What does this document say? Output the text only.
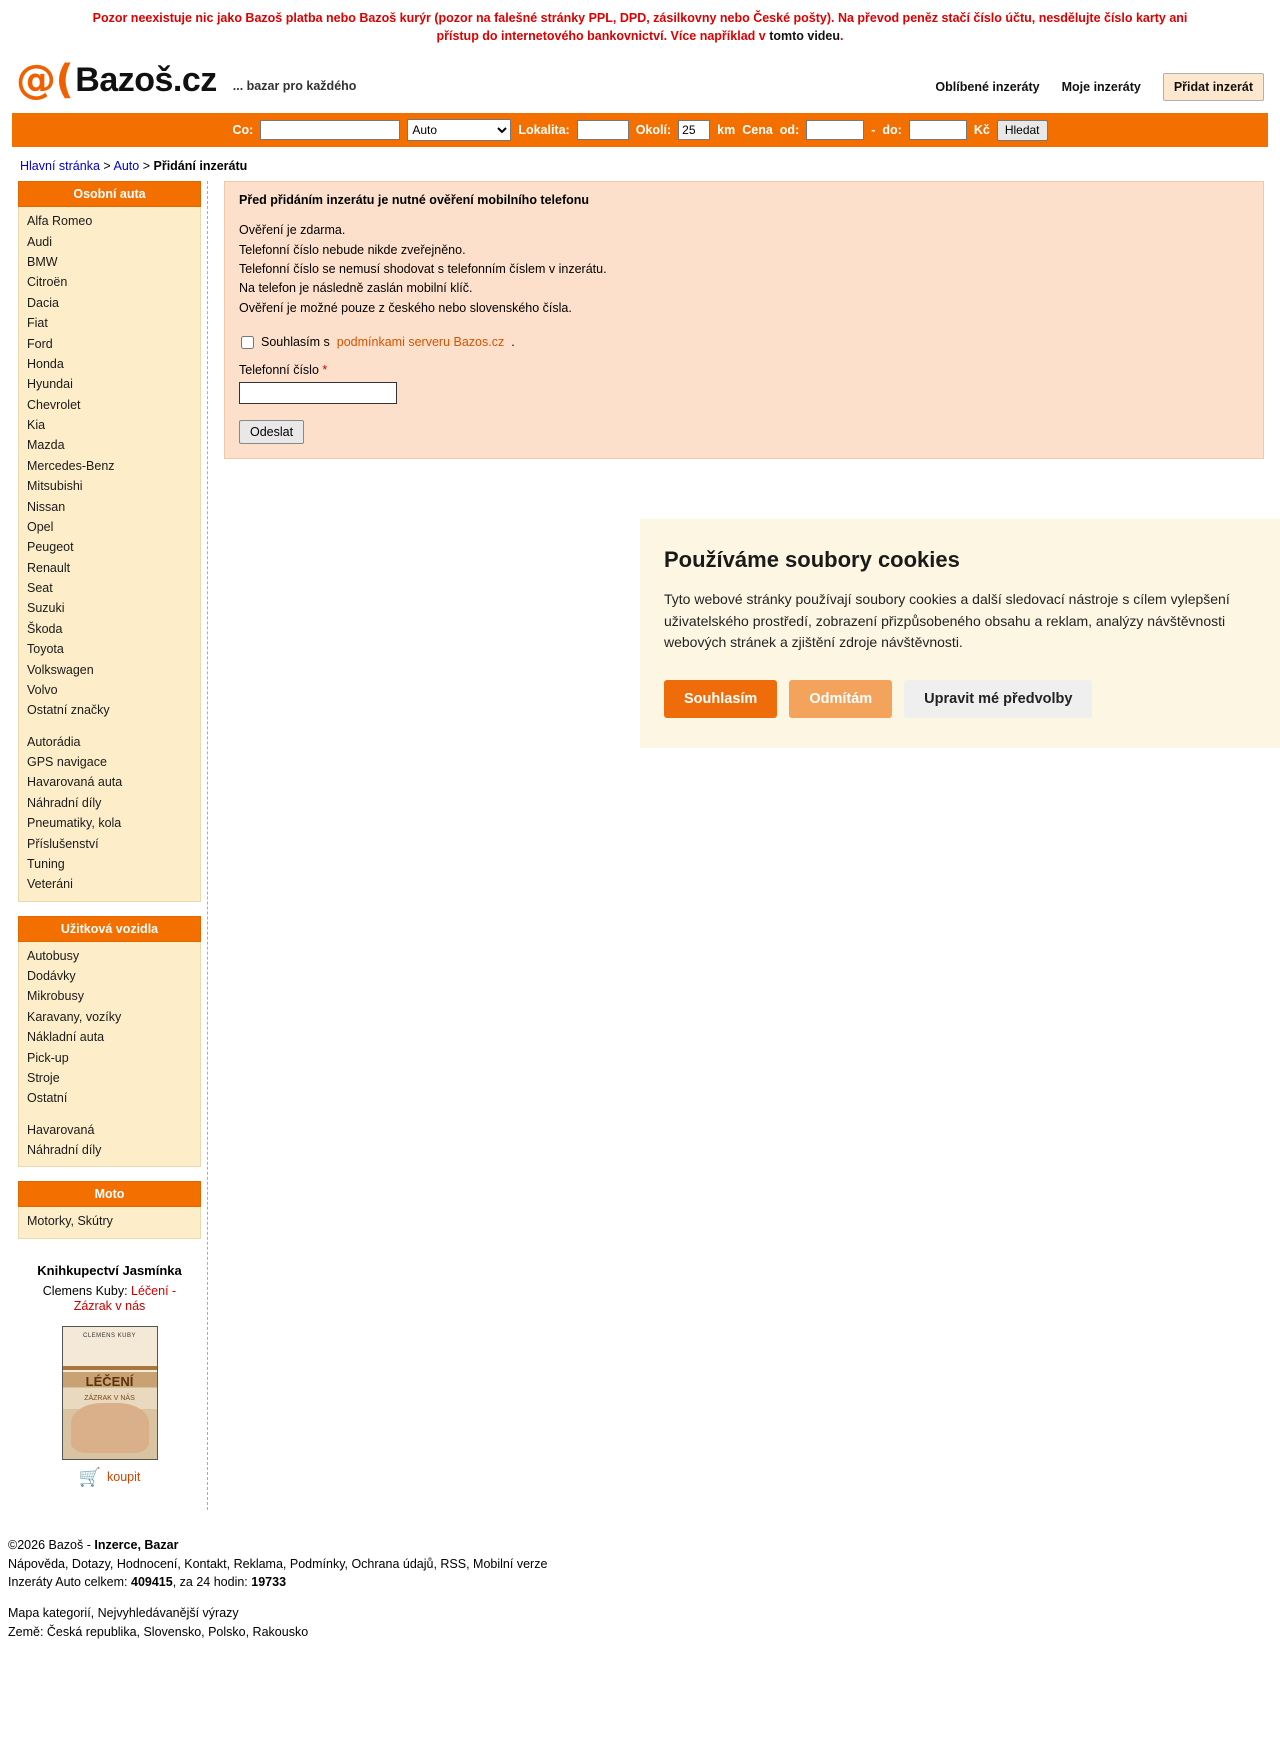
Pozor neexistuje nic jako Bazoš platba nebo Bazoš kurýr (pozor na falešné stránky PPL, DPD, zásilkovny nebo České pošty). Na převod peněz stačí číslo účtu, nesdělujte číslo karty ani přístup do internetového bankovnictví. Více například v tomto videu.
@( Bazoš.cz ... bazar pro každého	Oblíbené inzeráty Moje inzeráty	Přidat inzerát
Co:
Auto	Lokalita:	Okolí:
25	km Cena od:	- do:	Kč	Hledat
Hlavní stránka > Auto > Přidání inzerátu
Osobní auta
Alfa Romeo
Audi
BMW
Citroën
Dacia
Fiat
Ford
Honda
Hyundai
Chevrolet
Kia
Mazda
Mercedes-Benz
Mitsubishi
Nissan
Opel
Peugeot
Renault
Seat
Suzuki
Škoda
Toyota
Volkswagen
Volvo
Ostatní značky
Autorádia
GPS navigace
Havarovaná auta
Náhradní díly
Pneumatiky, kola
Příslušenství
Tuning
Veteráni
Užitková vozidla
Autobusy
Dodávky
Mikrobusy
Karavany, vozíky
Nákladní auta
Pick-up
Stroje
Ostatní
Havarovaná
Náhradní díly
Moto
Motorky, Skútry
Knihkupectví Jasmínka
Clemens Kuby: Léčení - Zázrak v nás
CLEMENS KUBY
LÉČENÍ
ZÁZRAK V NÁS
🛒 koupit
Před přidáním inzerátu je nutné ověření mobilního telefonu
Ověření je zdarma.
Telefonní číslo nebude nikde zveřejněno.
Telefonní číslo se nemusí shodovat s telefonním číslem v inzerátu.
Na telefon je následně zaslán mobilní klíč.
Ověření je možné pouze z českého nebo slovenského čísla.
Souhlasím s podmínkami serveru Bazos.cz .
Telefonní číslo *
Odeslat
Používáme soubory cookies

Tyto webové stránky používají soubory cookies a další sledovací nástroje s cílem vylepšení uživatelského prostředí, zobrazení přizpůsobeného obsahu a reklam, analýzy návštěvnosti webových stránek a zjištění zdroje návštěvnosti.

Souhlasím	Odmítám	Upravit mé předvolby
©2026 Bazoš - Inzerce, Bazar
Nápověda, Dotazy, Hodnocení, Kontakt, Reklama, Podmínky, Ochrana údajů, RSS, Mobilní verze
Inzeráty Auto celkem: 409415, za 24 hodin: 19733
Mapa kategorií, Nejvyhledávanější výrazy
Země: Česká republika, Slovensko, Polsko, Rakousko
